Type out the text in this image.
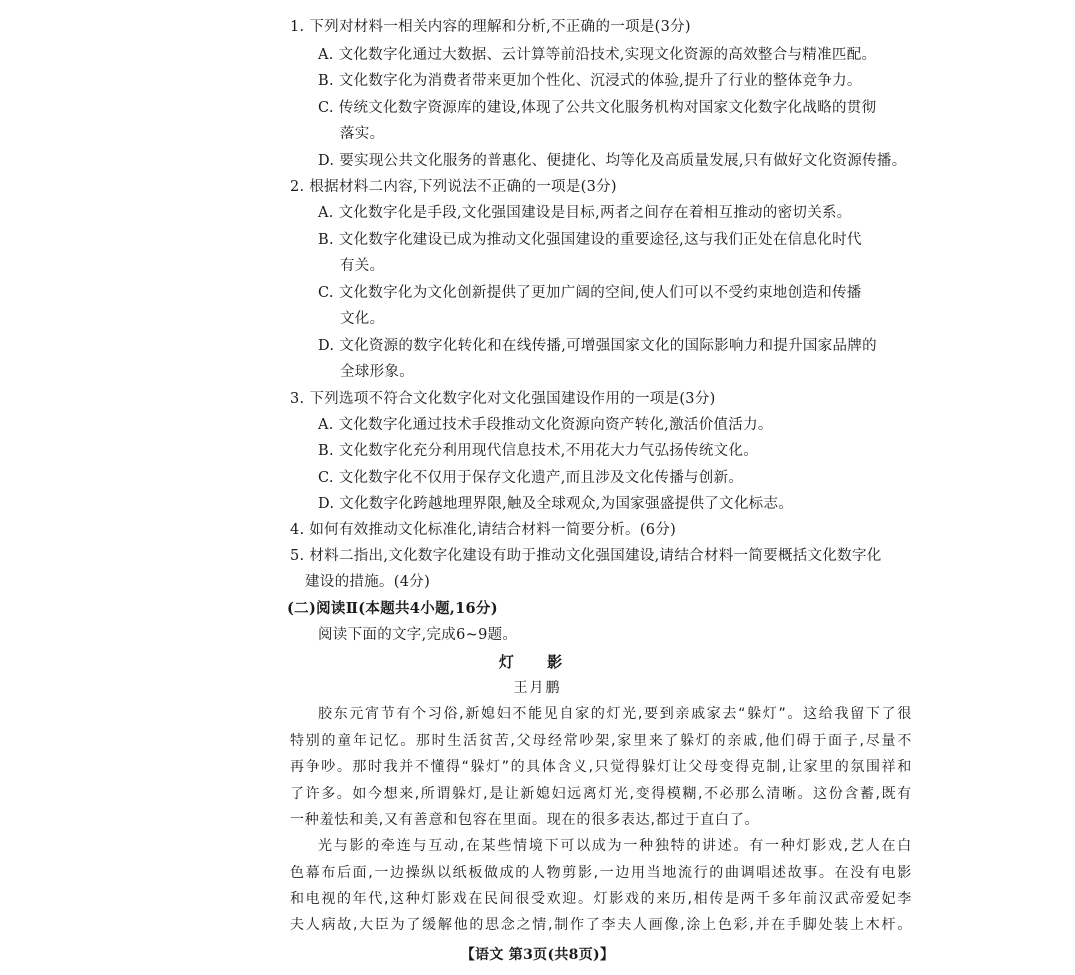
1. 下列对材料一相关内容的理解和分析,不正确的一项是(3分)
A. 文化数字化通过大数据、云计算等前沿技术,实现文化资源的高效整合与精准匹配。
B. 文化数字化为消费者带来更加个性化、沉浸式的体验,提升了行业的整体竞争力。
C. 传统文化数字资源库的建设,体现了公共文化服务机构对国家文化数字化战略的贯彻
落实。
D. 要实现公共文化服务的普惠化、便捷化、均等化及高质量发展,只有做好文化资源传播。
2. 根据材料二内容,下列说法不正确的一项是(3分)
A. 文化数字化是手段,文化强国建设是目标,两者之间存在着相互推动的密切关系。
B. 文化数字化建设已成为推动文化强国建设的重要途径,这与我们正处在信息化时代
有关。
C. 文化数字化为文化创新提供了更加广阔的空间,使人们可以不受约束地创造和传播
文化。
D. 文化资源的数字化转化和在线传播,可增强国家文化的国际影响力和提升国家品牌的
全球形象。
3. 下列选项不符合文化数字化对文化强国建设作用的一项是(3分)
A. 文化数字化通过技术手段推动文化资源向资产转化,激活价值活力。
B. 文化数字化充分利用现代信息技术,不用花大力气弘扬传统文化。
C. 文化数字化不仅用于保存文化遗产,而且涉及文化传播与创新。
D. 文化数字化跨越地理界限,触及全球观众,为国家强盛提供了文化标志。
4. 如何有效推动文化标准化,请结合材料一简要分析。(6分)
5. 材料二指出,文化数字化建设有助于推动文化强国建设,请结合材料一简要概括文化数字化
建设的措施。(4分)
(二)阅读Ⅱ(本题共4小题,16分)
阅读下面的文字,完成6~9题。
灯 影
王月鹏
胶东元宵节有个习俗,新媳妇不能见自家的灯光,要到亲戚家去“躲灯”。这给我留下了很
特别的童年记忆。那时生活贫苦,父母经常吵架,家里来了躲灯的亲戚,他们碍于面子,尽量不
再争吵。那时我并不懂得“躲灯”的具体含义,只觉得躲灯让父母变得克制,让家里的氛围祥和
了许多。如今想来,所谓躲灯,是让新媳妇远离灯光,变得模糊,不必那么清晰。这份含蓄,既有
一种羞怯和美,又有善意和包容在里面。现在的很多表达,都过于直白了。
光与影的牵连与互动,在某些情境下可以成为一种独特的讲述。有一种灯影戏,艺人在白
色幕布后面,一边操纵以纸板做成的人物剪影,一边用当地流行的曲调唱述故事。在没有电影
和电视的年代,这种灯影戏在民间很受欢迎。灯影戏的来历,相传是两千多年前汉武帝爱妃李
夫人病故,大臣为了缓解他的思念之情,制作了李夫人画像,涂上色彩,并在手脚处装上木杆。
【语文 第3页(共8页)】
